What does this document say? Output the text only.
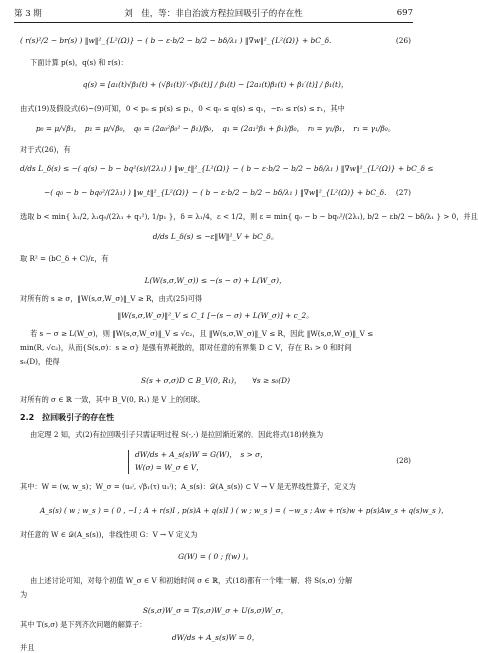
第 3 期	刘　佳，等：非自治波方程拉回吸引子的存在性	697
( r(s)²/2 − br(s) ) ‖w‖²_{L²(Ω)} − ( b − ε·b/2 − b/2 − bδ/λ₁ ) ‖∇w‖²_{L²(Ω)} + bC_δ.	(26)
下面计算 p(s)，q(s) 和 r(s)：
q(s) = [a₁(t)√β₁(t) + (√β₁(t))′·√β₁(t)] / β₁(t) − [2a₁(t)β₁(t) + β₁′(t)] / β₁(t)，
由式(19)及假设式(6)~(9)可知，0 < p₀ ≤ p(s) ≤ p₁，0 < q₀ ≤ q(s) ≤ q₁，−r₀ ≤ r(s) ≤ r₁，其中
p₀ = μ/√β₁，　p₁ = μ/√β₀，　q₀ = (2a₀²β₀² − β₁)/β₀，　q₁ = (2a₁²β₁ + β₁)/β₀，　r₀ = γ₁/β₁，　r₁ = γ₁/β₀。
对于式(26)，有
d/ds L_δ(s) ≤ −( q(s) − b − bq²(s)/(2λ₁) ) ‖w_t‖²_{L²(Ω)} − ( b − ε·b/2 − b/2 − bδ/λ₁ ) ‖∇w‖²_{L²(Ω)} + bC_δ ≤
−( q₀ − b − bq₀²/(2λ₁) ) ‖w_t‖²_{L²(Ω)} − ( b − ε·b/2 − b/2 − bδ/λ₁ ) ‖∇w‖²_{L²(Ω)} + bC_δ. (27)
选取 b < min{ λ₁/2, λ₁q₀/(2λ₁ + q₁²), 1/p₁ }，δ = λ₁/4，ε < 1/2，则 ε = min{ q₀ − b − bq₀²/(2λ₁), b/2 − εb/2 − bδ/λ₁ } > 0，并且
d/ds L_δ(s) ≤ −ε‖W‖²_V + bC_δ。
取 R² = (bC_δ + C)/ε，有
L(W(s,σ,W_σ)) ≤ −(s − σ) + L(W_σ)，
对所有的 s ≥ σ，‖W(s,σ,W_σ)‖_V ≥ R，由式(25)可得
‖W(s,σ,W_σ)‖²_V ≤ C_1 [−(s − σ) + L(W_σ)] + c_2。
若 s − σ ≥ L(W_σ)，则 ‖W(s,σ,W_σ)‖_V ≤ √c₂，且 ‖W(s,σ,W_σ)‖_V ≤ R，因此 ‖W(s,σ,W_σ)‖_V ≤
min(R, √c₂)，从而{S(s,σ)：s ≥ σ} 是强有界耗散的，即对任意的有界集 D ⊂ V，存在 R₁ > 0 和时间
s₀(D)，使得
S(s + σ,σ)D ⊂ B_V(0, R₁)，　　∀s ≥ s₀(D)
对所有的 σ ∈ ℝ 一致，其中 B_V(0, R₁) 是 V 上的闭球。
2.2　拉回吸引子的存在性
由定理 2 知，式(2)有拉回吸引子只需证明过程 S(·,·) 是拉回渐近紧的．因此将式(18)转换为
dW/ds + A_s(s)W = G(W)，　s > σ，
W(σ) = W_σ ∈ V，
(28)
其中：W = (w, w_s)；W_σ = (u₀ⁱ, √β₁(τ) u₁ⁱ)；A_s(s)：𝒟(A_s(s)) ⊂ V → V 是无界线性算子，定义为
A_s(s) ( w ; w_s ) = ( 0 , −I ; A + r(s)I , p(s)A + q(s)I ) ( w ; w_s ) = ( −w_s ; Aw + r(s)w + p(s)Aw_s + q(s)w_s )，
对任意的 W ∈ 𝒟(A_s(s))，非线性项 G：V → V 定义为
G(W) = ( 0 ; f(w) )。
由上述讨论可知，对每个初值 W_σ ∈ V 和初始时间 σ ∈ ℝ，式(18)都有一个唯一解．将 S(s,σ) 分解
为
S(s,σ)W_σ = T(s,σ)W_σ + U(s,σ)W_σ，
其中 T(s,σ) 是下列齐次问题的解算子：
dW/ds + A_s(s)W = 0，
并且
